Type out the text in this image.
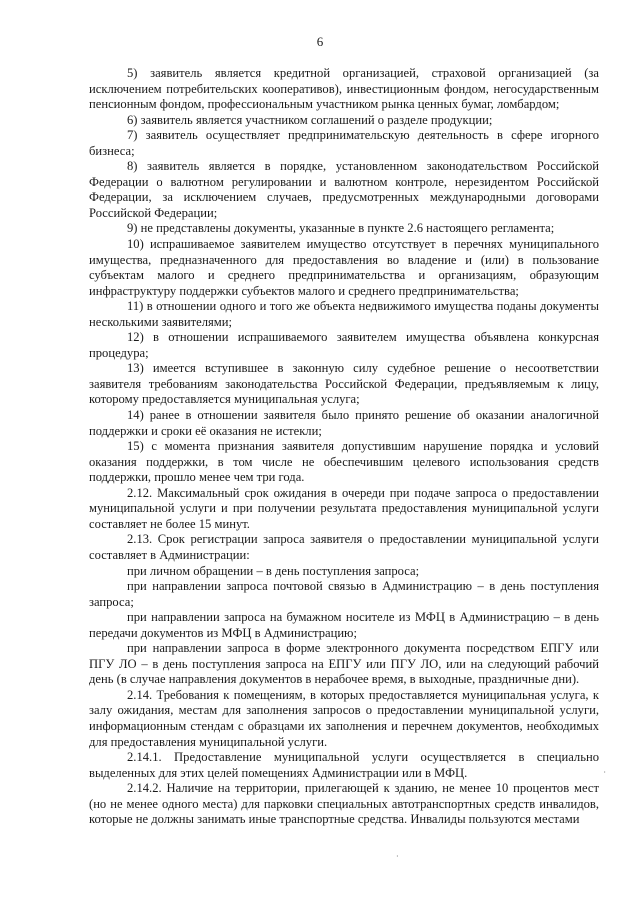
6

5) заявитель является кредитной организацией, страховой организацией (за исключением потребительских кооперативов), инвестиционным фондом, негосударственным пенсионным фондом, профессиональным участником рынка ценных бумаг, ломбардом;

6) заявитель является участником соглашений о разделе продукции;

7) заявитель осуществляет предпринимательскую деятельность в сфере игорного бизнеса;

8) заявитель является в порядке, установленном законодательством Российской Федерации о валютном регулировании и валютном контроле, нерезидентом Российской Федерации, за исключением случаев, предусмотренных международными договорами Российской Федерации;

9) не представлены документы, указанные в пункте 2.6 настоящего регламента;

10) испрашиваемое заявителем имущество отсутствует в перечнях муниципального имущества, предназначенного для предоставления во владение и (или) в пользование субъектам малого и среднего предпринимательства и организациям, образующим инфраструктуру поддержки субъектов малого и среднего предпринимательства;

11) в отношении одного и того же объекта недвижимого имущества поданы документы несколькими заявителями;

12) в отношении испрашиваемого заявителем имущества объявлена конкурсная процедура;

13) имеется вступившее в законную силу судебное решение о несоответствии заявителя требованиям законодательства Российской Федерации, предъявляемым к лицу, которому предоставляется муниципальная услуга;

14) ранее в отношении заявителя было принято решение об оказании аналогичной поддержки и сроки её оказания не истекли;

15) с момента признания заявителя допустившим нарушение порядка и условий оказания поддержки, в том числе не обеспечившим целевого использования средств поддержки, прошло менее чем три года.

2.12. Максимальный срок ожидания в очереди при подаче запроса о предоставлении муниципальной услуги и при получении результата предоставления муниципальной услуги составляет не более 15 минут.

2.13. Срок регистрации запроса заявителя о предоставлении муниципальной услуги составляет в Администрации:

при личном обращении – в день поступления запроса;

при направлении запроса почтовой связью в Администрацию – в день поступления запроса;

при направлении запроса на бумажном носителе из МФЦ в Администрацию – в день передачи документов из МФЦ в Администрацию;

при направлении запроса в форме электронного документа посредством ЕПГУ или ПГУ ЛО – в день поступления запроса на ЕПГУ или ПГУ ЛО, или на следующий рабочий день (в случае направления документов в нерабочее время, в выходные, праздничные дни).

2.14. Требования к помещениям, в которых предоставляется муниципальная услуга, к залу ожидания, местам для заполнения запросов о предоставлении муниципальной услуги, информационным стендам с образцами их заполнения и перечнем документов, необходимых для предоставления муниципальной услуги.

2.14.1. Предоставление муниципальной услуги осуществляется в специально выделенных для этих целей помещениях Администрации или в МФЦ.

2.14.2. Наличие на территории, прилегающей к зданию, не менее 10 процентов мест (но не менее одного места) для парковки специальных автотранспортных средств инвалидов, которые не должны занимать иные транспортные средства. Инвалиды пользуются местами

·
·
